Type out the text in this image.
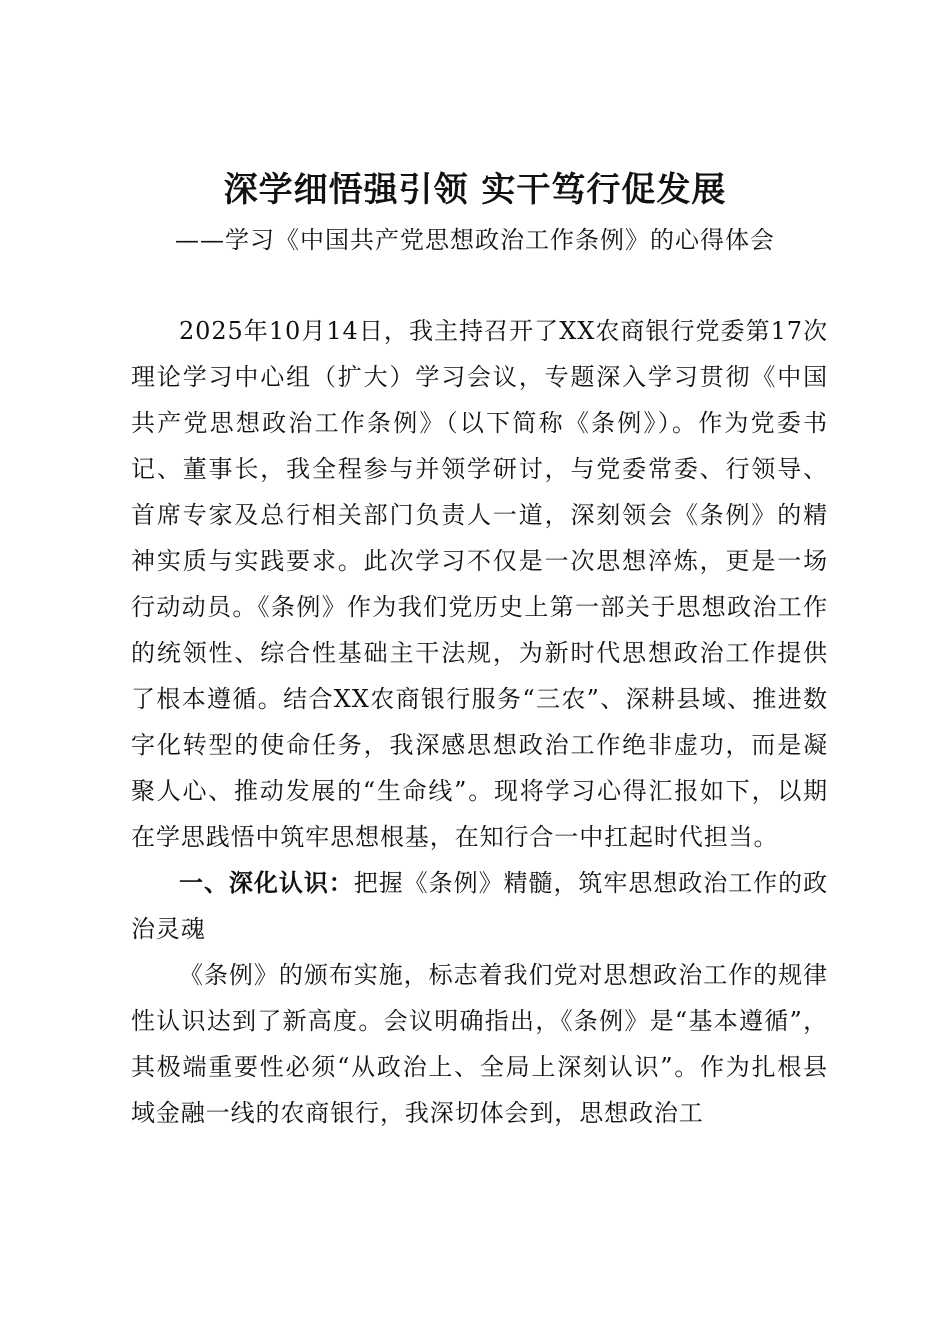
深学细悟强引领 实干笃行促发展

——学习《中国共产党思想政治工作条例》的心得体会

2025年10月14日，我主持召开了XX农商银行党委第17次理论学习中心组（扩大）学习会议，专题深入学习贯彻《中国共产党思想政治工作条例》（以下简称《条例》）。作为党委书记、董事长，我全程参与并领学研讨，与党委常委、行领导、首席专家及总行相关部门负责人一道，深刻领会《条例》的精神实质与实践要求。此次学习不仅是一次思想淬炼，更是一场行动动员。《条例》作为我们党历史上第一部关于思想政治工作的统领性、综合性基础主干法规，为新时代思想政治工作提供了根本遵循。结合XX农商银行服务“三农”、深耕县域、推进数字化转型的使命任务，我深感思想政治工作绝非虚功，而是凝聚人心、推动发展的“生命线”。现将学习心得汇报如下，以期在学思践悟中筑牢思想根基，在知行合一中扛起时代担当。

一、深化认识：把握《条例》精髓，筑牢思想政治工作的政治灵魂

《条例》的颁布实施，标志着我们党对思想政治工作的规律性认识达到了新高度。会议明确指出，《条例》是“基本遵循”，其极端重要性必须“从政治上、全局上深刻认识”。作为扎根县域金融一线的农商银行，我深切体会到，思想政治工
